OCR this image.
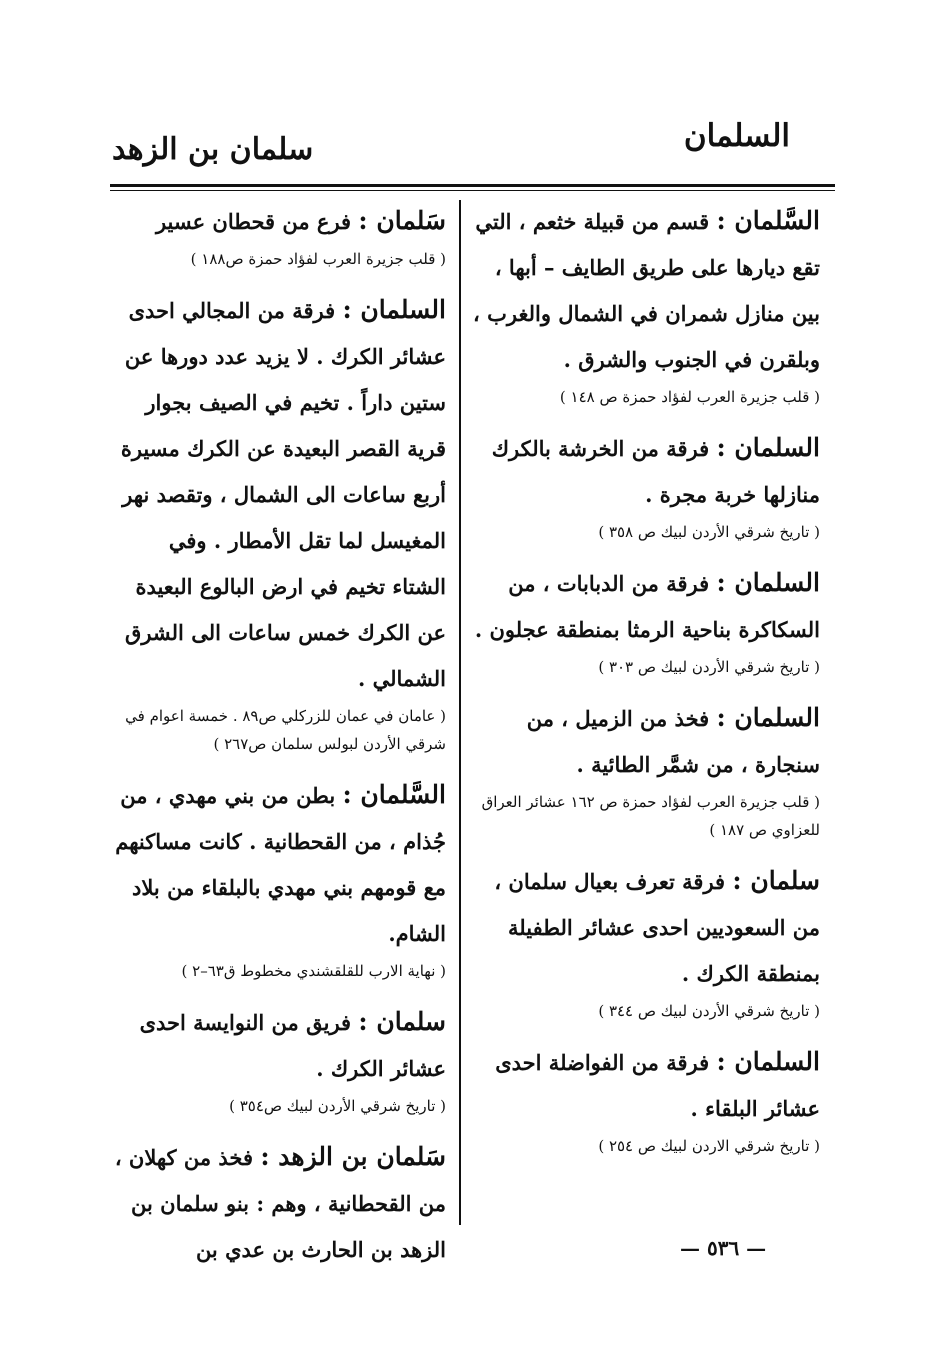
السلمان
سلمان بن الزهد
السَّلمان : قسم من قبيلة خثعم ، التي تقع ديارها على طريق الطايف – أبها ، بين منازل شمران في الشمال والغرب ، وبلقرن في الجنوب والشرق .
( قلب جزيرة العرب لفؤاد حمزة ص ١٤٨ )
السلمان : فرقة من الخرشة بالكرك منازلها خربة مجرة .
( تاريخ شرقي الأردن لبيك ص ٣٥٨ )
السلمان : فرقة من الدبابات ، من السكاكرة بناحية الرمثا بمنطقة عجلون .
( تاريخ شرقي الأردن لبيك ص ٣٠٣ )
السلمان : فخذ من الزميل ، من سنجارة ، من شمَّر الطائية .
( قلب جزيرة العرب لفؤاد حمزة ص ١٦٢ عشائر العراق للعزاوي ص ١٨٧ )
سلمان : فرقة تعرف بعيال سلمان ، من السعوديين احدى عشائر الطفيلة بمنطقة الكرك .
( تاريخ شرقي الأردن لبيك ص ٣٤٤ )
السلمان : فرقة من الفواضلة احدى عشائر البلقاء .
( تاريخ شرقي الاردن لبيك ص ٢٥٤ )
سَلمان : فرع من قحطان عسير
( قلب جزيرة العرب لفؤاد حمزة ص١٨٨ )
السلمان : فرقة من المجالي احدى عشائر الكرك . لا يزيد عدد دورها عن ستين داراً . تخيم في الصيف بجوار قرية القصر البعيدة عن الكرك مسيرة أربع ساعات الى الشمال ، وتقصد نهر المغيسل لما تقل الأمطار . وفي الشتاء تخيم في ارض البالوع البعيدة عن الكرك خمس ساعات الى الشرق الشمالي .
( عامان في عمان للزركلي ص٨٩ . خمسة اعوام في شرقي الأردن لبولس سلمان ص٢٦٧ )
السَّلمان : بطن من بني مهدي ، من جُذام ، من القحطانية . كانت مساكنهم مع قومهم بني مهدي بالبلقاء من بلاد الشام.
( نهاية الارب للقلقشندي مخطوط ق٦٣–٢ )
سلمان : فريق من النوايسة احدى عشائر الكرك .
( تاريخ شرقي الأردن لبيك ص٣٥٤ )
سَلمان بن الزهد : فخذ من كهلان ، من القحطانية ، وهم : بنو سلمان بن الزهد بن الحارث بن عدي بن	— ٥٣٦ —
